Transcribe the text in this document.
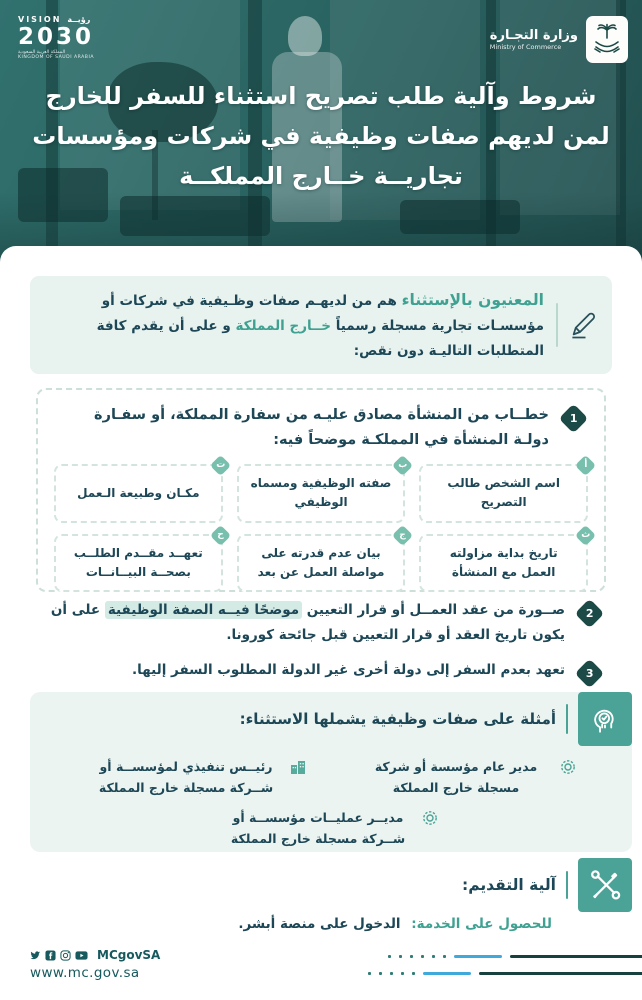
VISION رؤيــة
2030
المملكة العربية السعودية
KINGDOM OF SAUDI ARABIA
وزارة التجـارة
Ministry of Commerce
شروط وآلية طلب تصريح استثناء للسفر للخارج
لمن لديهم صفات وظيفية في شركات ومؤسسات
تجاريــة خــارج المملكــة
المعنيون بالإستثناء هم من لديهـم صفات وظـيفية في شركات أو مؤسسـات تجارية مسجلة رسمياً خــارج المملكة و على أن يقدم كافة المتطلبات التاليـة دون نقص:
1
خطــاب من المنشأة مصادق عليـه من سفارة المملكة، أو سفـارة دولـة المنشأة في المملكـة موضحاً فيه:
أ
اسم الشخص طالب التصريح
ب
صفته الوظيفية ومسماه الوظيفي
ت
مكـان وطبيعة الـعمل
ث
تاريخ بداية مزاولته العمل مع المنشأة
ج
بيان عدم قدرته على مواصلة العمل عن بعد
ح
تعهــد مقــدم الطلــب بصحــة البيــانــات
2
صــورة من عقد العمــل أو قرار التعيين موضحًا فيــه الصفة الوظيفية على أن يكون تاريخ العقد أو قرار التعيين قبل جائحة كورونا.
3
تعهد بعدم السفر إلى دولة أخرى غير الدولة المطلوب السفر إليها.
أمثلة على صفات وظيفية يشملها الاستثناء:
مدير عام مؤسسة أو شركة مسجلة خارج المملكة
رئيــس تنفيذي لمؤسســة أو شــركة مسجلة خارج المملكة
مديــر عمليــات مؤسســة أو شــركة مسجلة خارج المملكة
آلية التقديم:
للحصول على الخدمة: الدخول على منصة أبشر.
MCgovSA
www.mc.gov.sa
